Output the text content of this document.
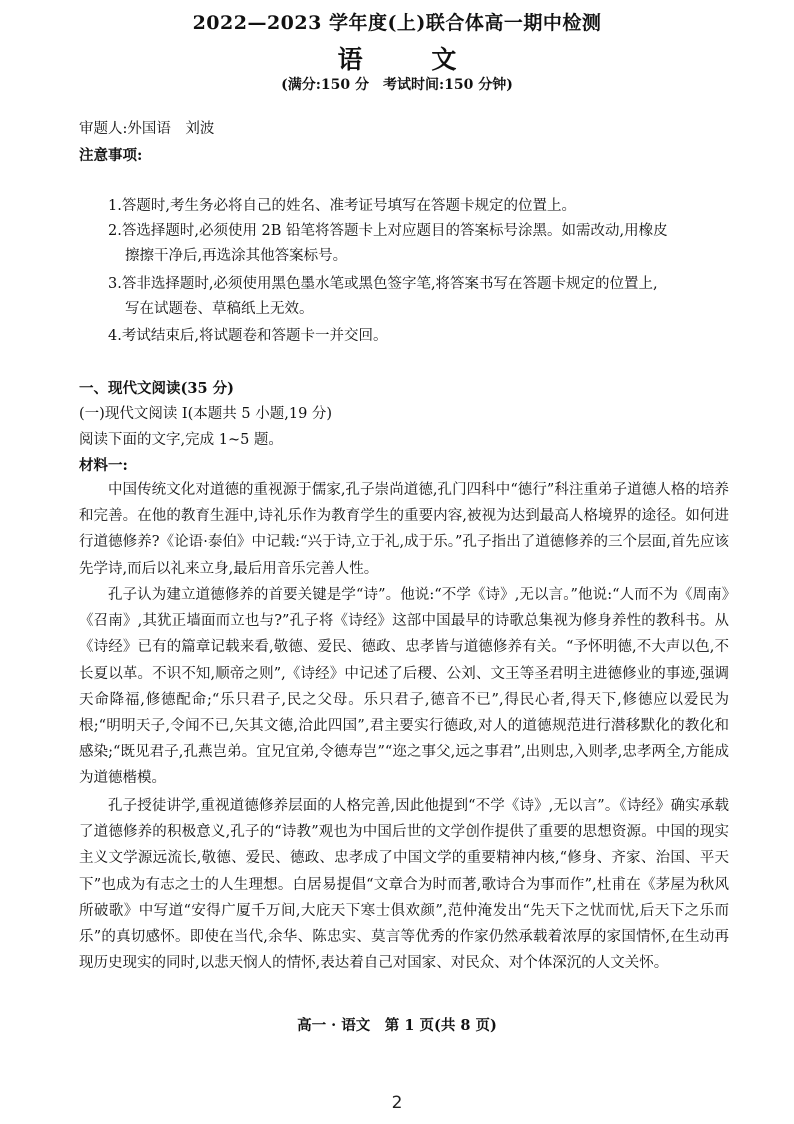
2022—2023 学年度(上)联合体高一期中检测
语 文
(满分:150 分　考试时间:150 分钟)
审题人:外国语　刘波
注意事项:
1.答题时,考生务必将自己的姓名、准考证号填写在答题卡规定的位置上。
2.答选择题时,必须使用 2B 铅笔将答题卡上对应题目的答案标号涂黑。如需改动,用橡皮
擦擦干净后,再选涂其他答案标号。
3.答非选择题时,必须使用黑色墨水笔或黑色签字笔,将答案书写在答题卡规定的位置上,
写在试题卷、草稿纸上无效。
4.考试结束后,将试题卷和答题卡一并交回。
一、现代文阅读(35 分)
(一)现代文阅读 I(本题共 5 小题,19 分)
阅读下面的文字,完成 1~5 题。
材料一:

中国传统文化对道德的重视源于儒家,孔子崇尚道德,孔门四科中“德行”科注重弟子道德人格的培养和完善。在他的教育生涯中,诗礼乐作为教育学生的重要内容,被视为达到最高人格境界的途径。如何进行道德修养?《论语·泰伯》中记载:“兴于诗,立于礼,成于乐。”孔子指出了道德修养的三个层面,首先应该先学诗,而后以礼来立身,最后用音乐完善人性。

孔子认为建立道德修养的首要关键是学“诗”。他说:“不学《诗》,无以言。”他说:“人而不为《周南》《召南》,其犹正墙面而立也与?”孔子将《诗经》这部中国最早的诗歌总集视为修身养性的教科书。从《诗经》已有的篇章记载来看,敬德、爱民、德政、忠孝皆与道德修养有关。“予怀明德,不大声以色,不长夏以革。不识不知,顺帝之则”,《诗经》中记述了后稷、公刘、文王等圣君明主进德修业的事迹,强调天命降福,修德配命;“乐只君子,民之父母。乐只君子,德音不已”,得民心者,得天下,修德应以爱民为根;“明明天子,令闻不已,矢其文德,洽此四国”,君主要实行德政,对人的道德规范进行潜移默化的教化和感染;“既见君子,孔燕岂弟。宜兄宜弟,令德寿岂”“迩之事父,远之事君”,出则忠,入则孝,忠孝两全,方能成为道德楷模。

孔子授徒讲学,重视道德修养层面的人格完善,因此他提到“不学《诗》,无以言”。《诗经》确实承载了道德修养的积极意义,孔子的“诗教”观也为中国后世的文学创作提供了重要的思想资源。中国的现实主义文学源远流长,敬德、爱民、德政、忠孝成了中国文学的重要精神内核,“修身、齐家、治国、平天下”也成为有志之士的人生理想。白居易提倡“文章合为时而著,歌诗合为事而作”,杜甫在《茅屋为秋风所破歌》中写道“安得广厦千万间,大庇天下寒士俱欢颜”,范仲淹发出“先天下之忧而忧,后天下之乐而乐”的真切感怀。即使在当代,余华、陈忠实、莫言等优秀的作家仍然承载着浓厚的家国情怀,在生动再现历史现实的同时,以悲天悯人的情怀,表达着自己对国家、对民众、对个体深沉的人文关怀。

高一 · 语文　第 1 页(共 8 页)
2
